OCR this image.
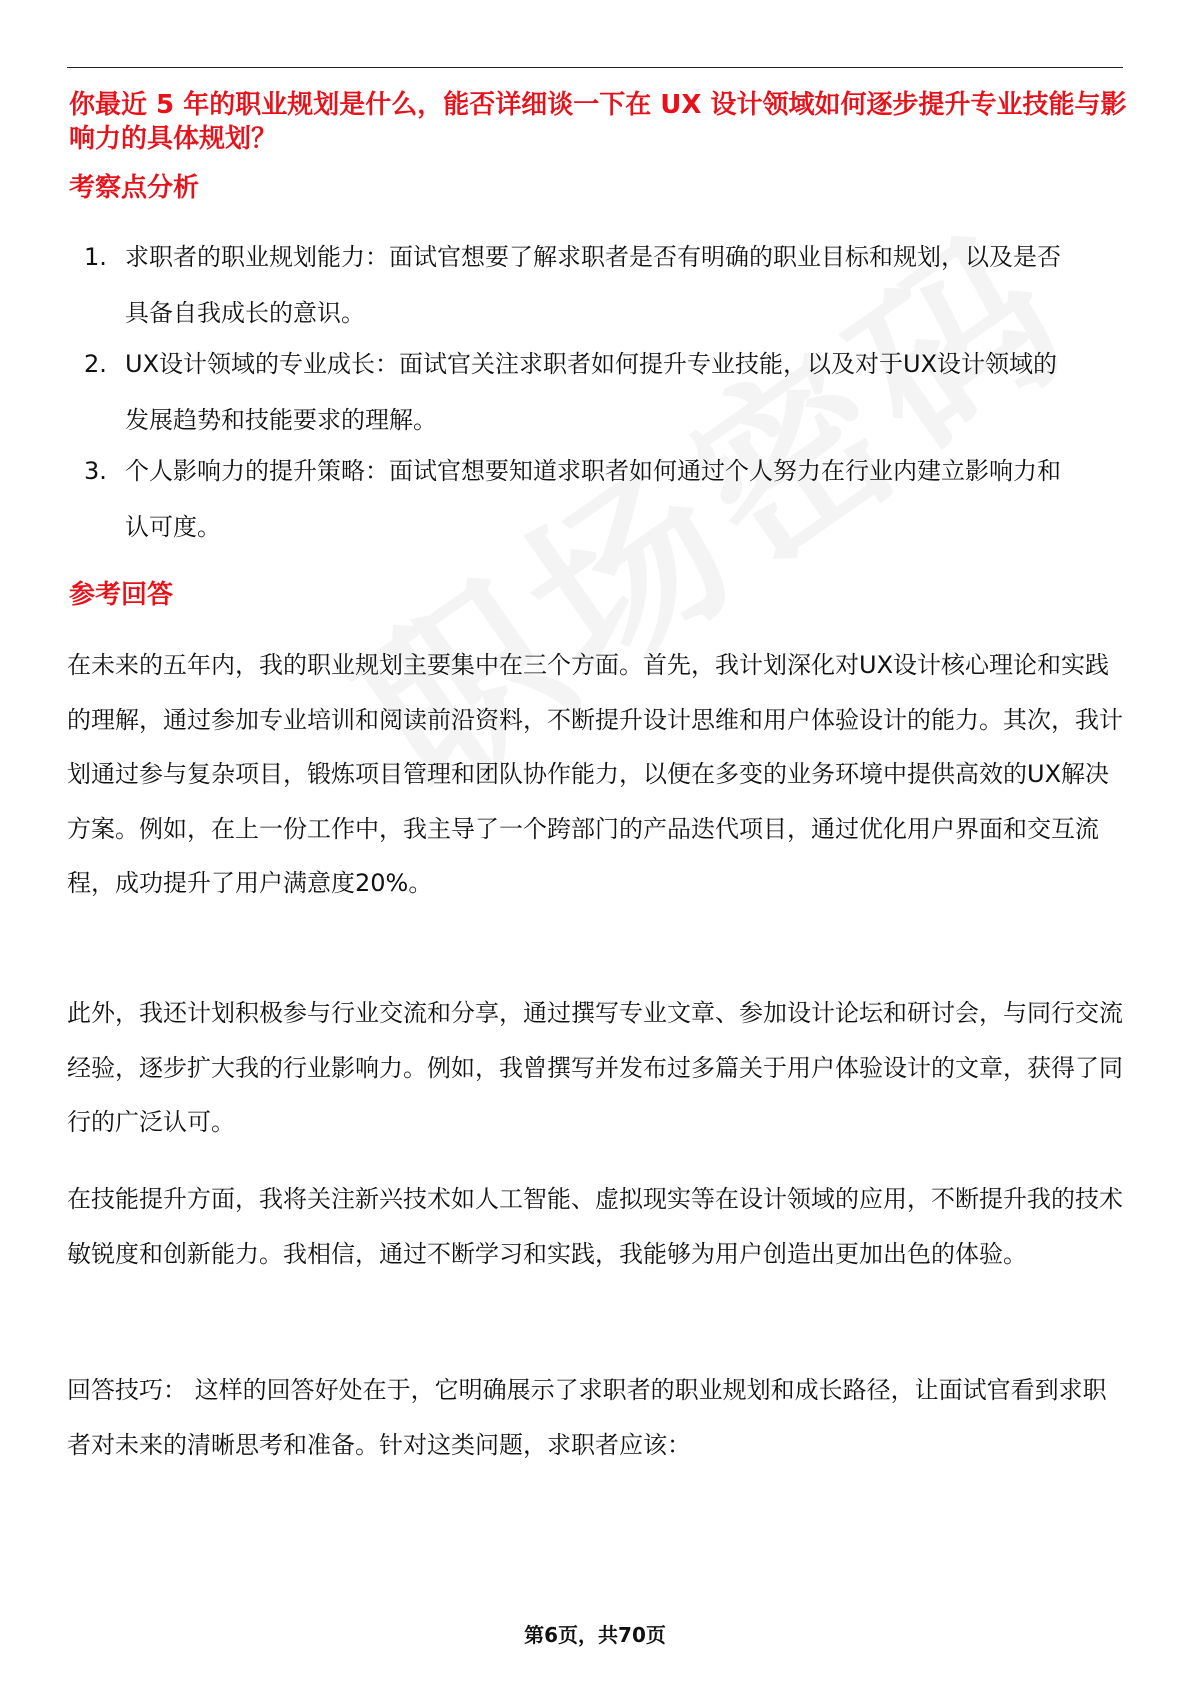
你最近 5 年的职业规划是什么，能否详细谈一下在 UX 设计领域如何逐步提升专业技能与影响力的具体规划？
考察点分析
1. 求职者的职业规划能力：面试官想要了解求职者是否有明确的职业目标和规划，以及是否具备自我成长的意识。
2. UX设计领域的专业成长：面试官关注求职者如何提升专业技能，以及对于UX设计领域的发展趋势和技能要求的理解。
3. 个人影响力的提升策略：面试官想要知道求职者如何通过个人努力在行业内建立影响力和认可度。
参考回答

在未来的五年内，我的职业规划主要集中在三个方面。首先，我计划深化对UX设计核心理论和实践的理解，通过参加专业培训和阅读前沿资料，不断提升设计思维和用户体验设计的能力。其次，我计划通过参与复杂项目，锻炼项目管理和团队协作能力，以便在多变的业务环境中提供高效的UX解决方案。例如，在上一份工作中，我主导了一个跨部门的产品迭代项目，通过优化用户界面和交互流程，成功提升了用户满意度20%。

此外，我还计划积极参与行业交流和分享，通过撰写专业文章、参加设计论坛和研讨会，与同行交流经验，逐步扩大我的行业影响力。例如，我曾撰写并发布过多篇关于用户体验设计的文章，获得了同行的广泛认可。

在技能提升方面，我将关注新兴技术如人工智能、虚拟现实等在设计领域的应用，不断提升我的技术敏锐度和创新能力。我相信，通过不断学习和实践，我能够为用户创造出更加出色的体验。

回答技巧： 这样的回答好处在于，它明确展示了求职者的职业规划和成长路径，让面试官看到求职者对未来的清晰思考和准备。针对这类问题，求职者应该：

第6页，共70页
